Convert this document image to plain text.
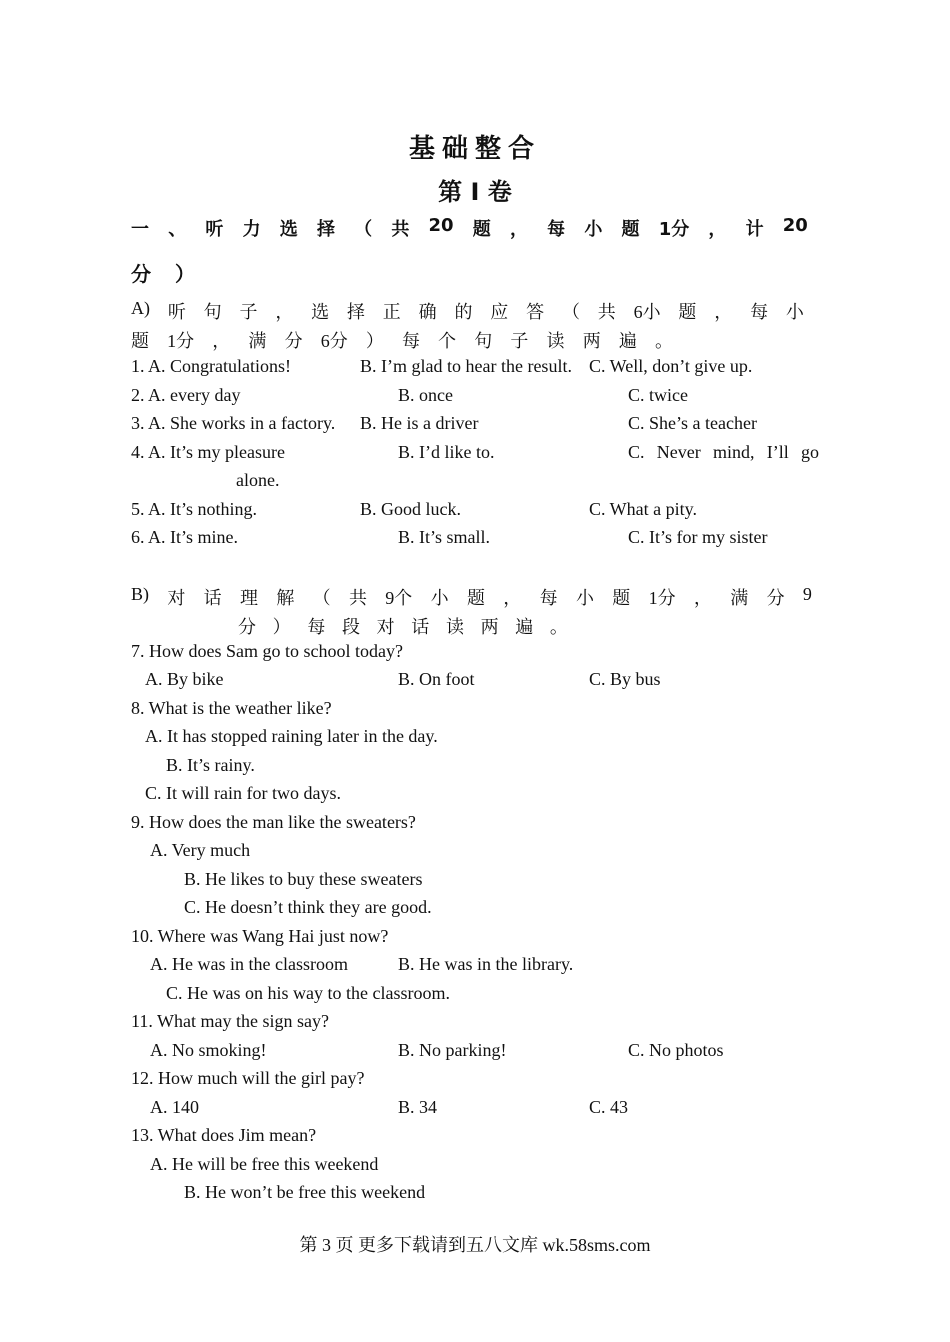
基础整合
第 I 卷
一 、 听 力 选 择 （ 共 20 题 ， 每 小 题 1分 ， 计 20
分 ）
A) 听 句 子 ， 选 择 正 确 的 应 答 （ 共 6小 题 ， 每 小
题 1分 ， 满 分 6分 ） 每 个 句 子 读 两 遍 。
1. A. Congratulations!	B. I’m glad to hear the result. C. Well, don’t give up.
2. A. every day	B. once	C. twice
3. A. She works in a factory. B. He is a driver	C. She’s a teacher
4. A. It’s my pleasure	B. I’d like to.	C. Never mind, I’ll go
alone.
5. A. It’s nothing.	B. Good luck.	C. What a pity.
6. A. It’s mine.	B. It’s small.	C. It’s for my sister
B) 对 话 理 解 （ 共 9个 小 题 ， 每 小 题 1分 ， 满 分 9
分 ） 每 段 对 话 读 两 遍 。
7. How does Sam go to school today?
A. By bike	B. On foot	C. By bus
8. What is the weather like?
A. It has stopped raining later in the day.
B. It’s rainy.
C. It will rain for two days.
9. How does the man like the sweaters?
A. Very much
B. He likes to buy these sweaters
C. He doesn’t think they are good.
10. Where was Wang Hai just now?
A. He was in the classroom	B. He was in the library.
C. He was on his way to the classroom.
11. What may the sign say?
A. No smoking!	B. No parking!	C. No photos
12. How much will the girl pay?
A. 140	B. 34	C. 43
13. What does Jim mean?
A. He will be free this weekend
B. He won’t be free this weekend
第 3 页 更多下载请到五八文库 wk.58sms.com
